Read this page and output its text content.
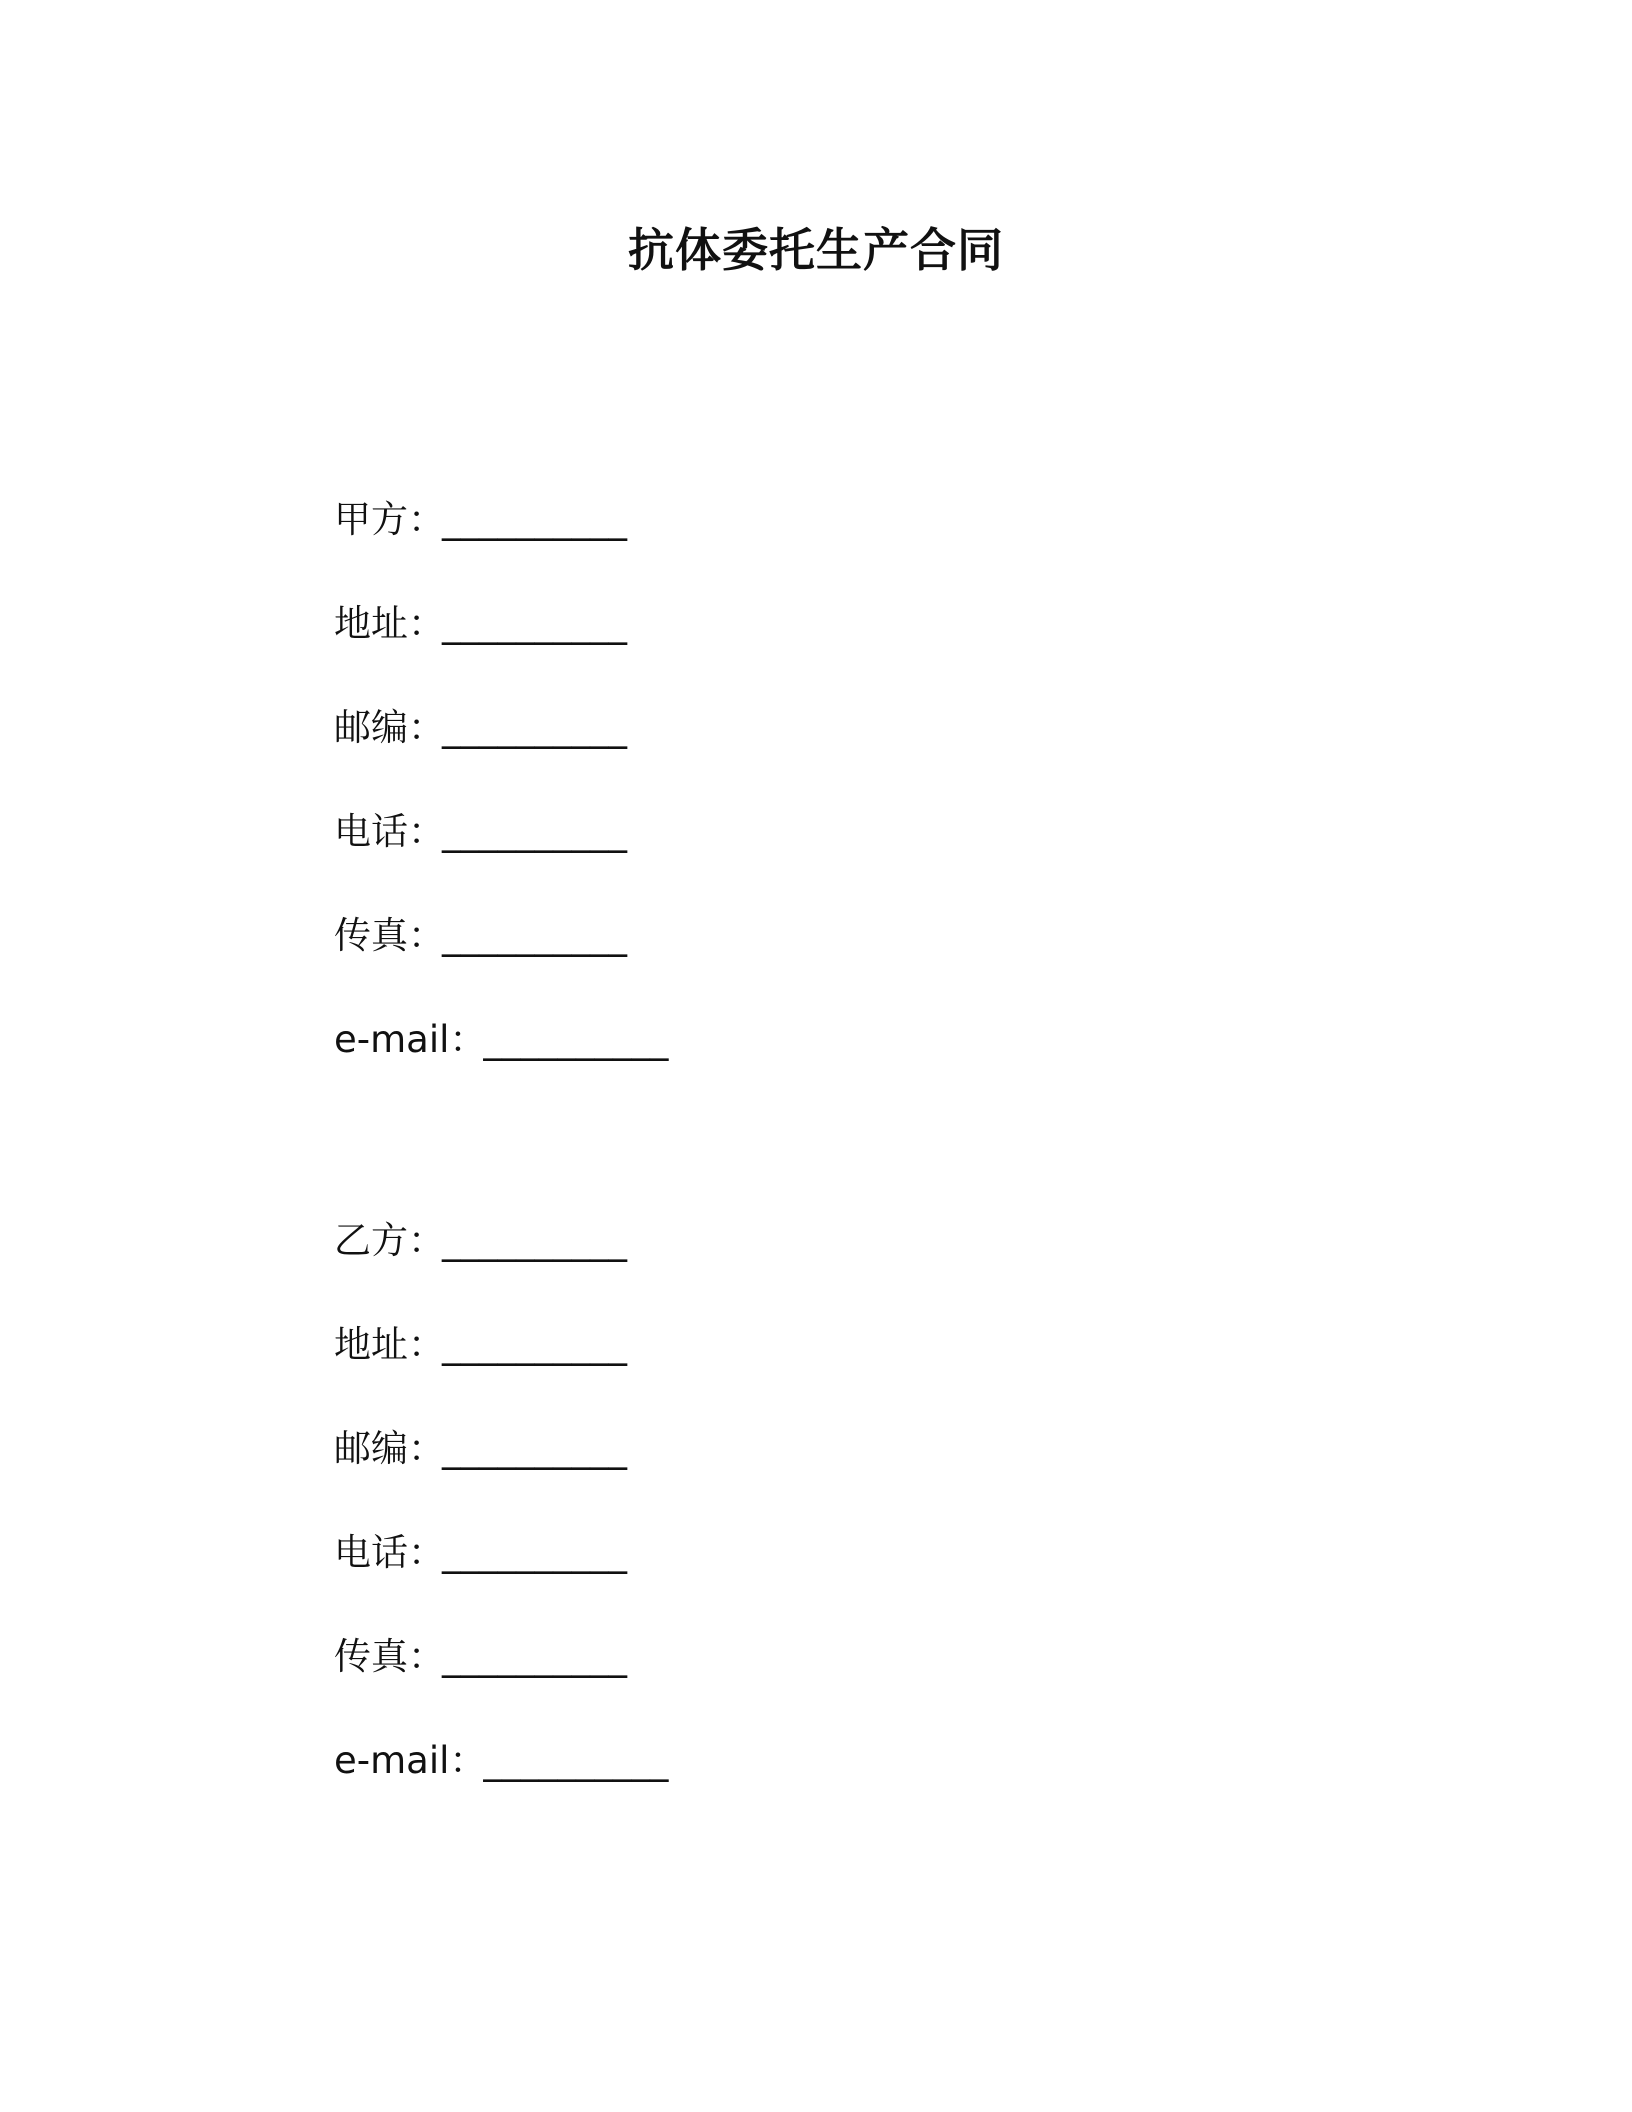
抗体委托生产合同
甲方：__________
地址：__________
邮编：__________
电话：__________
传真：__________
e-mail：__________
乙方：__________
地址：__________
邮编：__________
电话：__________
传真：__________
e-mail：__________
